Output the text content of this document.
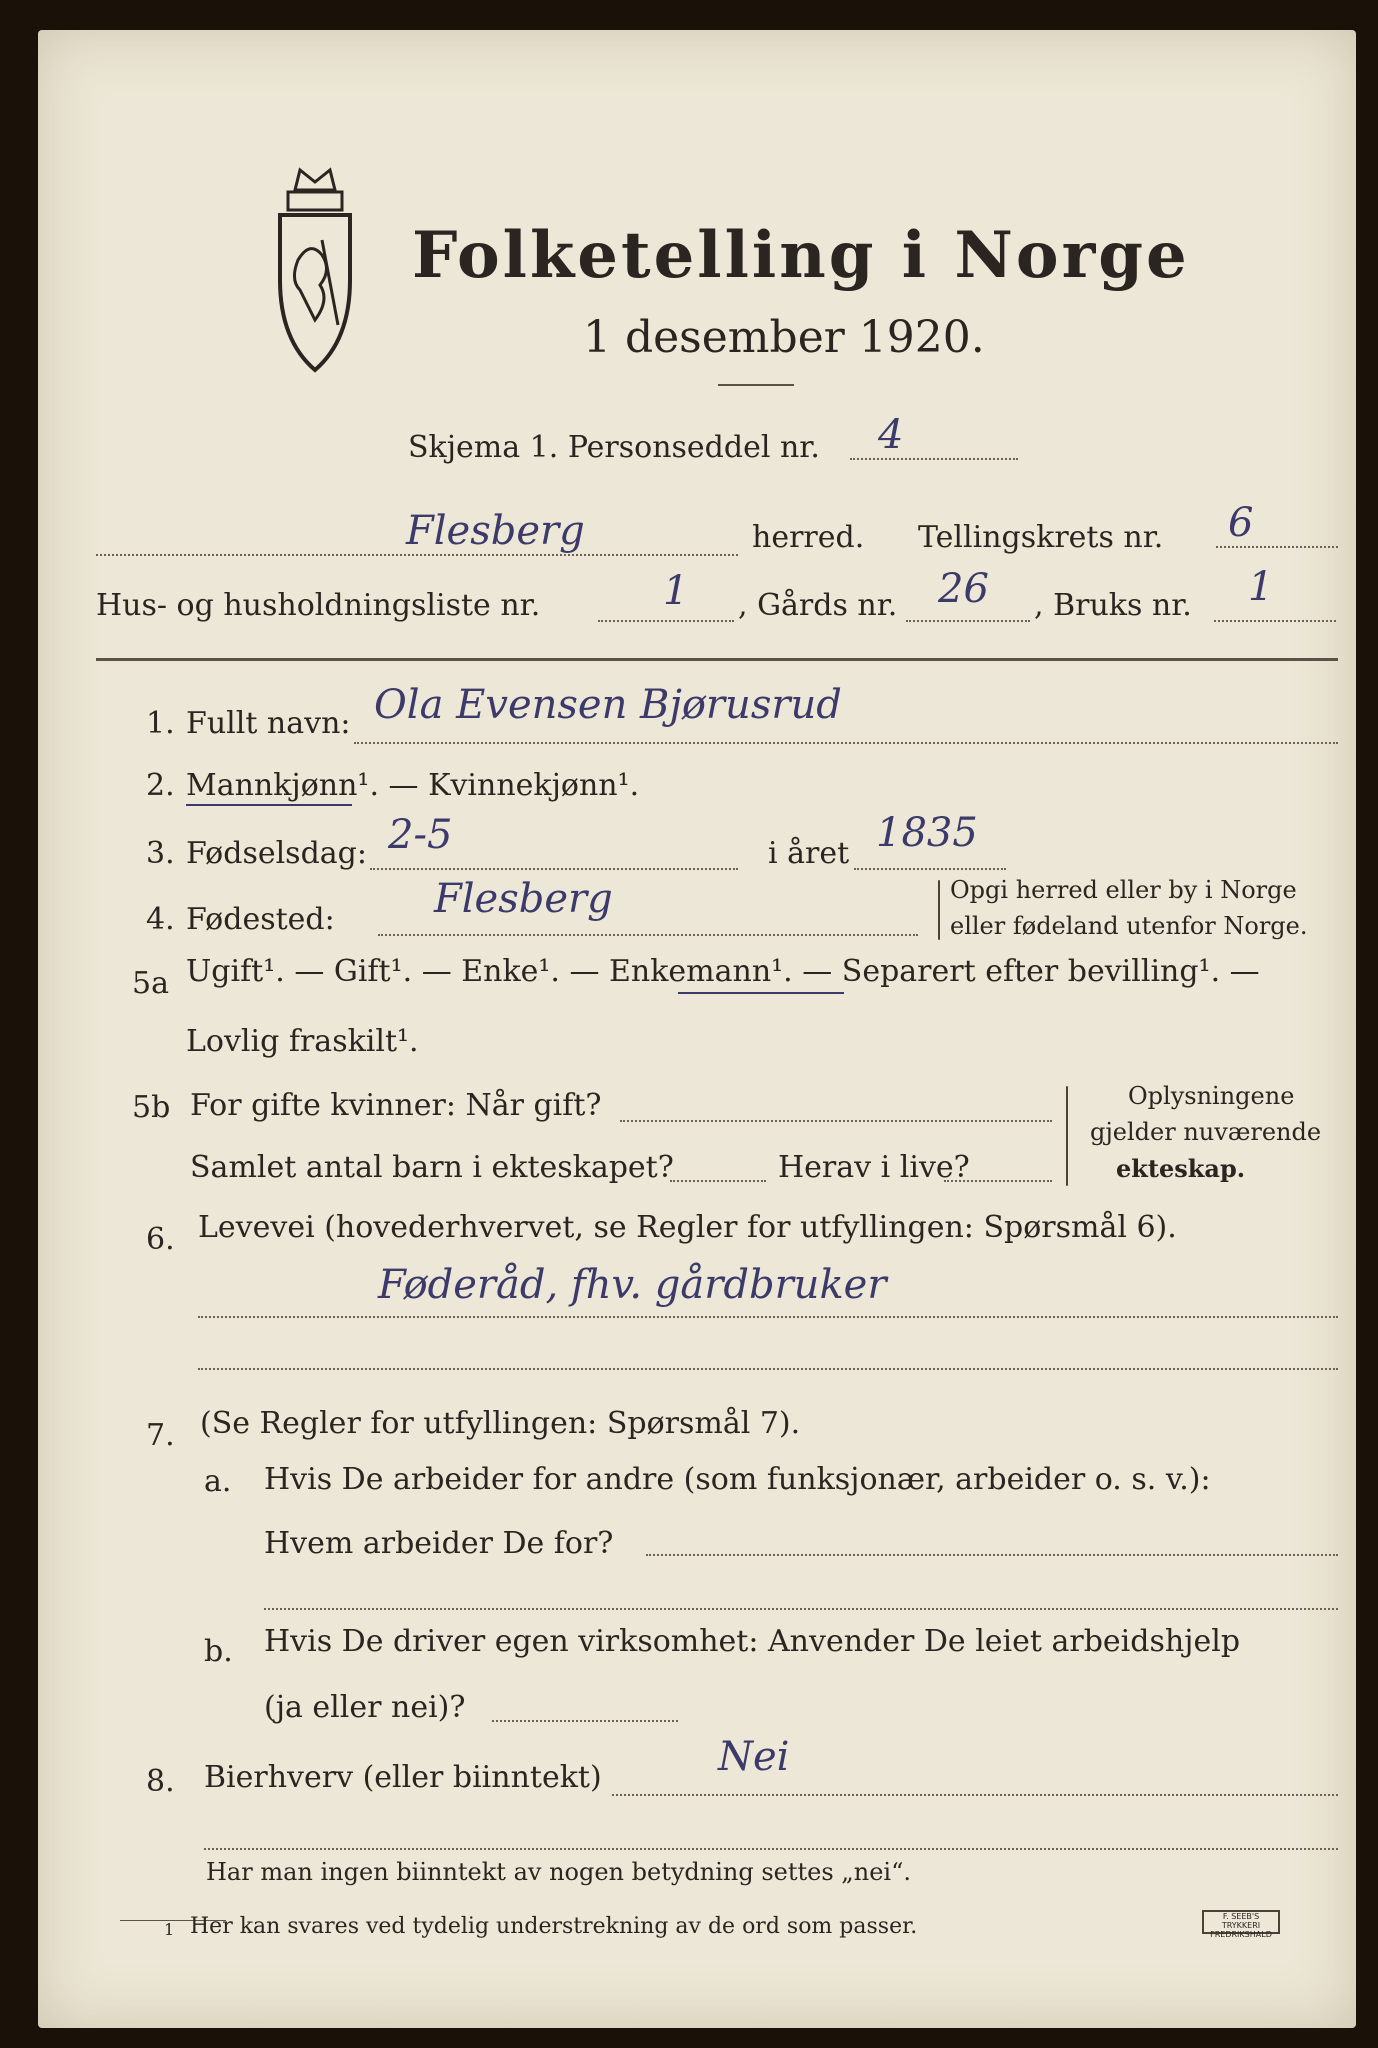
Folketelling i Norge
1 desember 1920.
Skjema 1. Personseddel nr. 4
Flesberg	herred. Tellingskrets nr. 6
Hus- og husholdningsliste nr.	1 , Gårds nr. 26 , Bruks nr. 1
1. Fullt navn: Ola Evensen Bjørusrud
2. Mannkjønn¹. — Kvinnekjønn¹.
3. Fødselsdag: 2-5	i året 1835
4. Fødested: Flesberg	Opgi herred eller by i Norge
eller fødeland utenfor Norge.
5a Ugift¹. — Gift¹. — Enke¹. — Enkemann¹. — Separert efter bevilling¹. —
Lovlig fraskilt¹.
5b For gifte kvinner: Når gift?
Samlet antal barn i ekteskapet?	Herav i live?
Oplysningene
gjelder nuværende
ekteskap.
6. Levevei (hovederhvervet, se Regler for utfyllingen: Spørsmål 6).
Føderåd, fhv. gårdbruker
7. (Se Regler for utfyllingen: Spørsmål 7).
a. Hvis De arbeider for andre (som funksjonær, arbeider o. s. v.):
Hvem arbeider De for?
b. Hvis De driver egen virksomhet: Anvender De leiet arbeidshjelp
(ja eller nei)?
8. Bierhverv (eller biinntekt)	Nei
Har man ingen biinntekt av nogen betydning settes „nei“.
1 Her kan svares ved tydelig understrekning av de ord som passer.	F. SEEB'S TRYKKERI
FREDRIKSHALD
